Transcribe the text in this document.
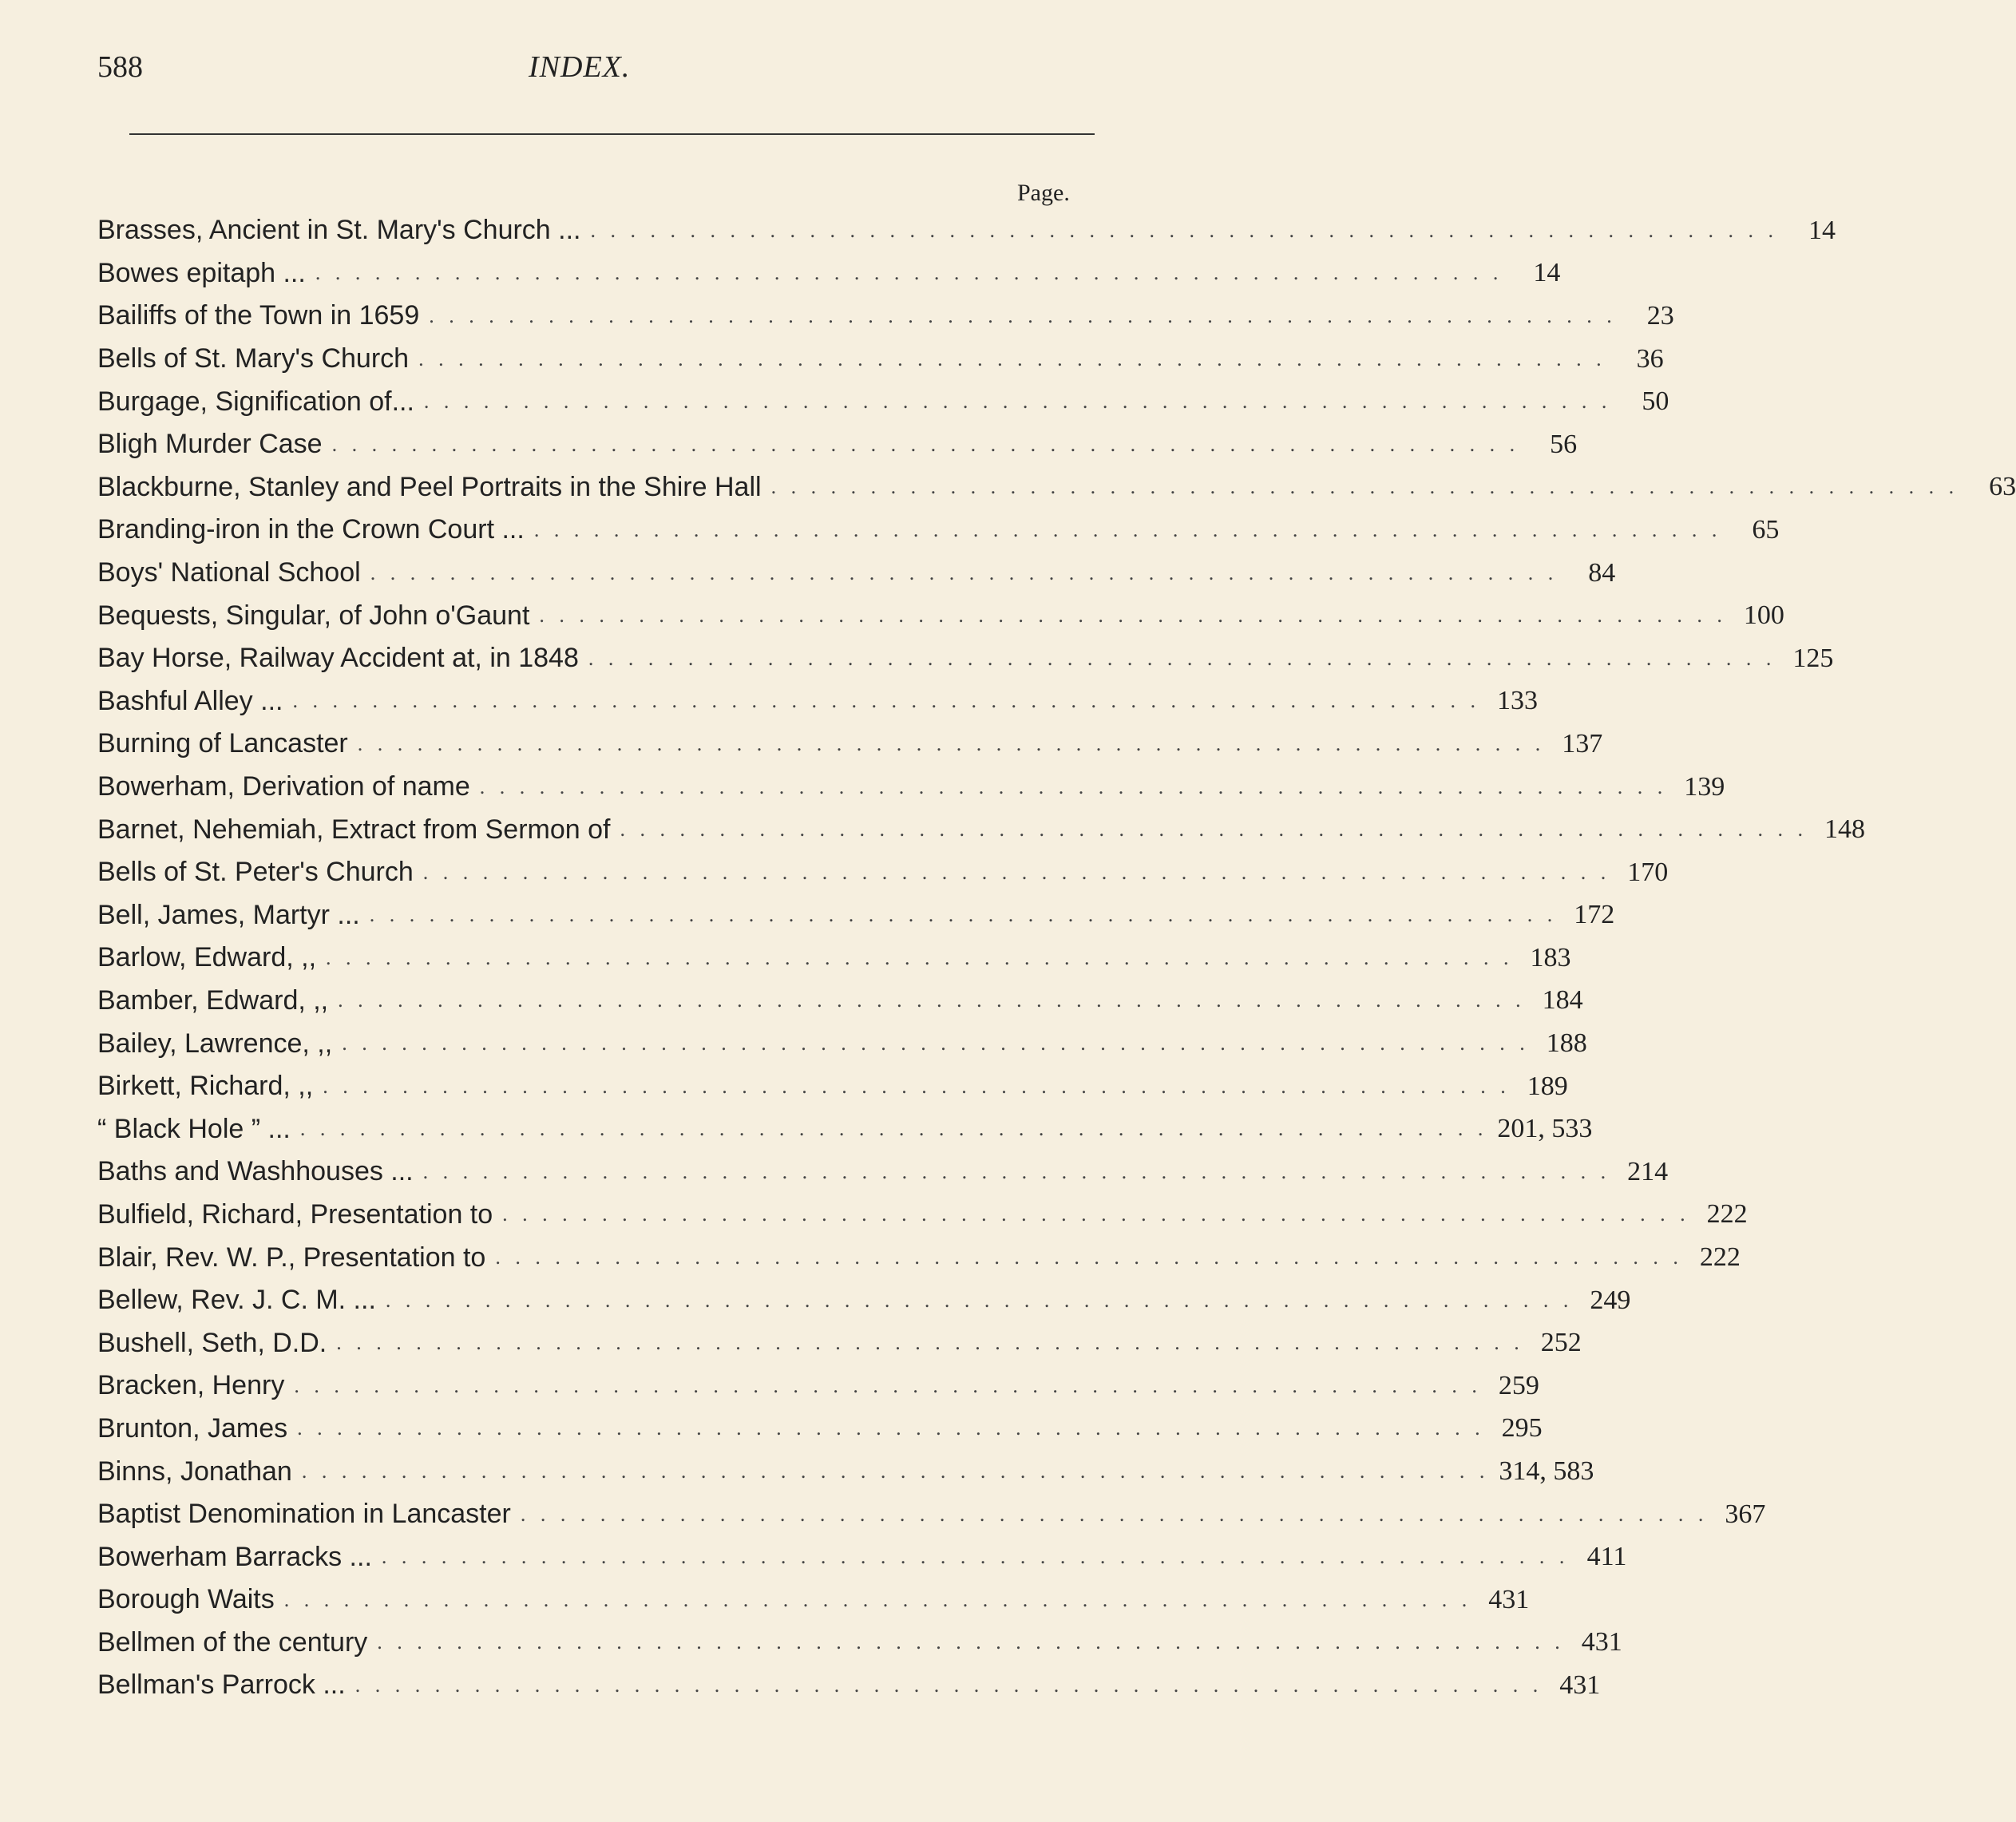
588	INDEX.
Page.
Brasses, Ancient in St. Mary's Church ... . . . . . . . . . . . . . . . . . . . . . . . . . . . . . . . . . . . . . . . . . . . . . . . . . . . . . . . . . . . .	14
Bowes epitaph ... . . . . . . . . . . . . . . . . . . . . . . . . . . . . . . . . . . . . . . . . . . . . . . . . . . . . . . . . . . . .	14
Bailiffs of the Town in 1659 . . . . . . . . . . . . . . . . . . . . . . . . . . . . . . . . . . . . . . . . . . . . . . . . . . . . . . . . . . . .	23
Bells of St. Mary's Church . . . . . . . . . . . . . . . . . . . . . . . . . . . . . . . . . . . . . . . . . . . . . . . . . . . . . . . . . . . .	36
Burgage, Signification of... . . . . . . . . . . . . . . . . . . . . . . . . . . . . . . . . . . . . . . . . . . . . . . . . . . . . . . . . . . . .	50
Bligh Murder Case . . . . . . . . . . . . . . . . . . . . . . . . . . . . . . . . . . . . . . . . . . . . . . . . . . . . . . . . . . . .	56
Blackburne, Stanley and Peel Portraits in the Shire Hall . . . . . . . . . . . . . . . . . . . . . . . . . . . . . . . . . . . . . . . . . . . . . . . . . . . . . . . . . . . .	63
Branding-iron in the Crown Court ... . . . . . . . . . . . . . . . . . . . . . . . . . . . . . . . . . . . . . . . . . . . . . . . . . . . . . . . . . . . .	65
Boys' National School . . . . . . . . . . . . . . . . . . . . . . . . . . . . . . . . . . . . . . . . . . . . . . . . . . . . . . . . . . . .	84
Bequests, Singular, of John o'Gaunt . . . . . . . . . . . . . . . . . . . . . . . . . . . . . . . . . . . . . . . . . . . . . . . . . . . . . . . . . . . . 100
Bay Horse, Railway Accident at, in 1848 . . . . . . . . . . . . . . . . . . . . . . . . . . . . . . . . . . . . . . . . . . . . . . . . . . . . . . . . . . . . 125
Bashful Alley ... . . . . . . . . . . . . . . . . . . . . . . . . . . . . . . . . . . . . . . . . . . . . . . . . . . . . . . . . . . . . 133
Burning of Lancaster . . . . . . . . . . . . . . . . . . . . . . . . . . . . . . . . . . . . . . . . . . . . . . . . . . . . . . . . . . . . 137
Bowerham, Derivation of name . . . . . . . . . . . . . . . . . . . . . . . . . . . . . . . . . . . . . . . . . . . . . . . . . . . . . . . . . . . . 139
Barnet, Nehemiah, Extract from Sermon of . . . . . . . . . . . . . . . . . . . . . . . . . . . . . . . . . . . . . . . . . . . . . . . . . . . . . . . . . . . . 148
Bells of St. Peter's Church . . . . . . . . . . . . . . . . . . . . . . . . . . . . . . . . . . . . . . . . . . . . . . . . . . . . . . . . . . . . 170
Bell, James, Martyr ... . . . . . . . . . . . . . . . . . . . . . . . . . . . . . . . . . . . . . . . . . . . . . . . . . . . . . . . . . . . . 172
Barlow, Edward, ,, . . . . . . . . . . . . . . . . . . . . . . . . . . . . . . . . . . . . . . . . . . . . . . . . . . . . . . . . . . . . 183
Bamber, Edward, ,, . . . . . . . . . . . . . . . . . . . . . . . . . . . . . . . . . . . . . . . . . . . . . . . . . . . . . . . . . . . . 184
Bailey, Lawrence, ,, . . . . . . . . . . . . . . . . . . . . . . . . . . . . . . . . . . . . . . . . . . . . . . . . . . . . . . . . . . . . 188
Birkett, Richard, ,, . . . . . . . . . . . . . . . . . . . . . . . . . . . . . . . . . . . . . . . . . . . . . . . . . . . . . . . . . . . . 189
“ Black Hole ” ... . . . . . . . . . . . . . . . . . . . . . . . . . . . . . . . . . . . . . . . . . . . . . . . . . . . . . . . . . . . . 201, 533
Baths and Washhouses ... . . . . . . . . . . . . . . . . . . . . . . . . . . . . . . . . . . . . . . . . . . . . . . . . . . . . . . . . . . . . 214
Bulfield, Richard, Presentation to . . . . . . . . . . . . . . . . . . . . . . . . . . . . . . . . . . . . . . . . . . . . . . . . . . . . . . . . . . . . 222
Blair, Rev. W. P., Presentation to . . . . . . . . . . . . . . . . . . . . . . . . . . . . . . . . . . . . . . . . . . . . . . . . . . . . . . . . . . . . 222
Bellew, Rev. J. C. M. ... . . . . . . . . . . . . . . . . . . . . . . . . . . . . . . . . . . . . . . . . . . . . . . . . . . . . . . . . . . . . 249
Bushell, Seth, D.D. . . . . . . . . . . . . . . . . . . . . . . . . . . . . . . . . . . . . . . . . . . . . . . . . . . . . . . . . . . . . 252
Bracken, Henry . . . . . . . . . . . . . . . . . . . . . . . . . . . . . . . . . . . . . . . . . . . . . . . . . . . . . . . . . . . . 259
Brunton, James . . . . . . . . . . . . . . . . . . . . . . . . . . . . . . . . . . . . . . . . . . . . . . . . . . . . . . . . . . . . 295
Binns, Jonathan . . . . . . . . . . . . . . . . . . . . . . . . . . . . . . . . . . . . . . . . . . . . . . . . . . . . . . . . . . . . 314, 583
Baptist Denomination in Lancaster . . . . . . . . . . . . . . . . . . . . . . . . . . . . . . . . . . . . . . . . . . . . . . . . . . . . . . . . . . . . 367
Bowerham Barracks ... . . . . . . . . . . . . . . . . . . . . . . . . . . . . . . . . . . . . . . . . . . . . . . . . . . . . . . . . . . . . 411
Borough Waits . . . . . . . . . . . . . . . . . . . . . . . . . . . . . . . . . . . . . . . . . . . . . . . . . . . . . . . . . . . . 431
Bellmen of the century . . . . . . . . . . . . . . . . . . . . . . . . . . . . . . . . . . . . . . . . . . . . . . . . . . . . . . . . . . . . 431
Bellman's Parrock ... . . . . . . . . . . . . . . . . . . . . . . . . . . . . . . . . . . . . . . . . . . . . . . . . . . . . . . . . . . . . 431
